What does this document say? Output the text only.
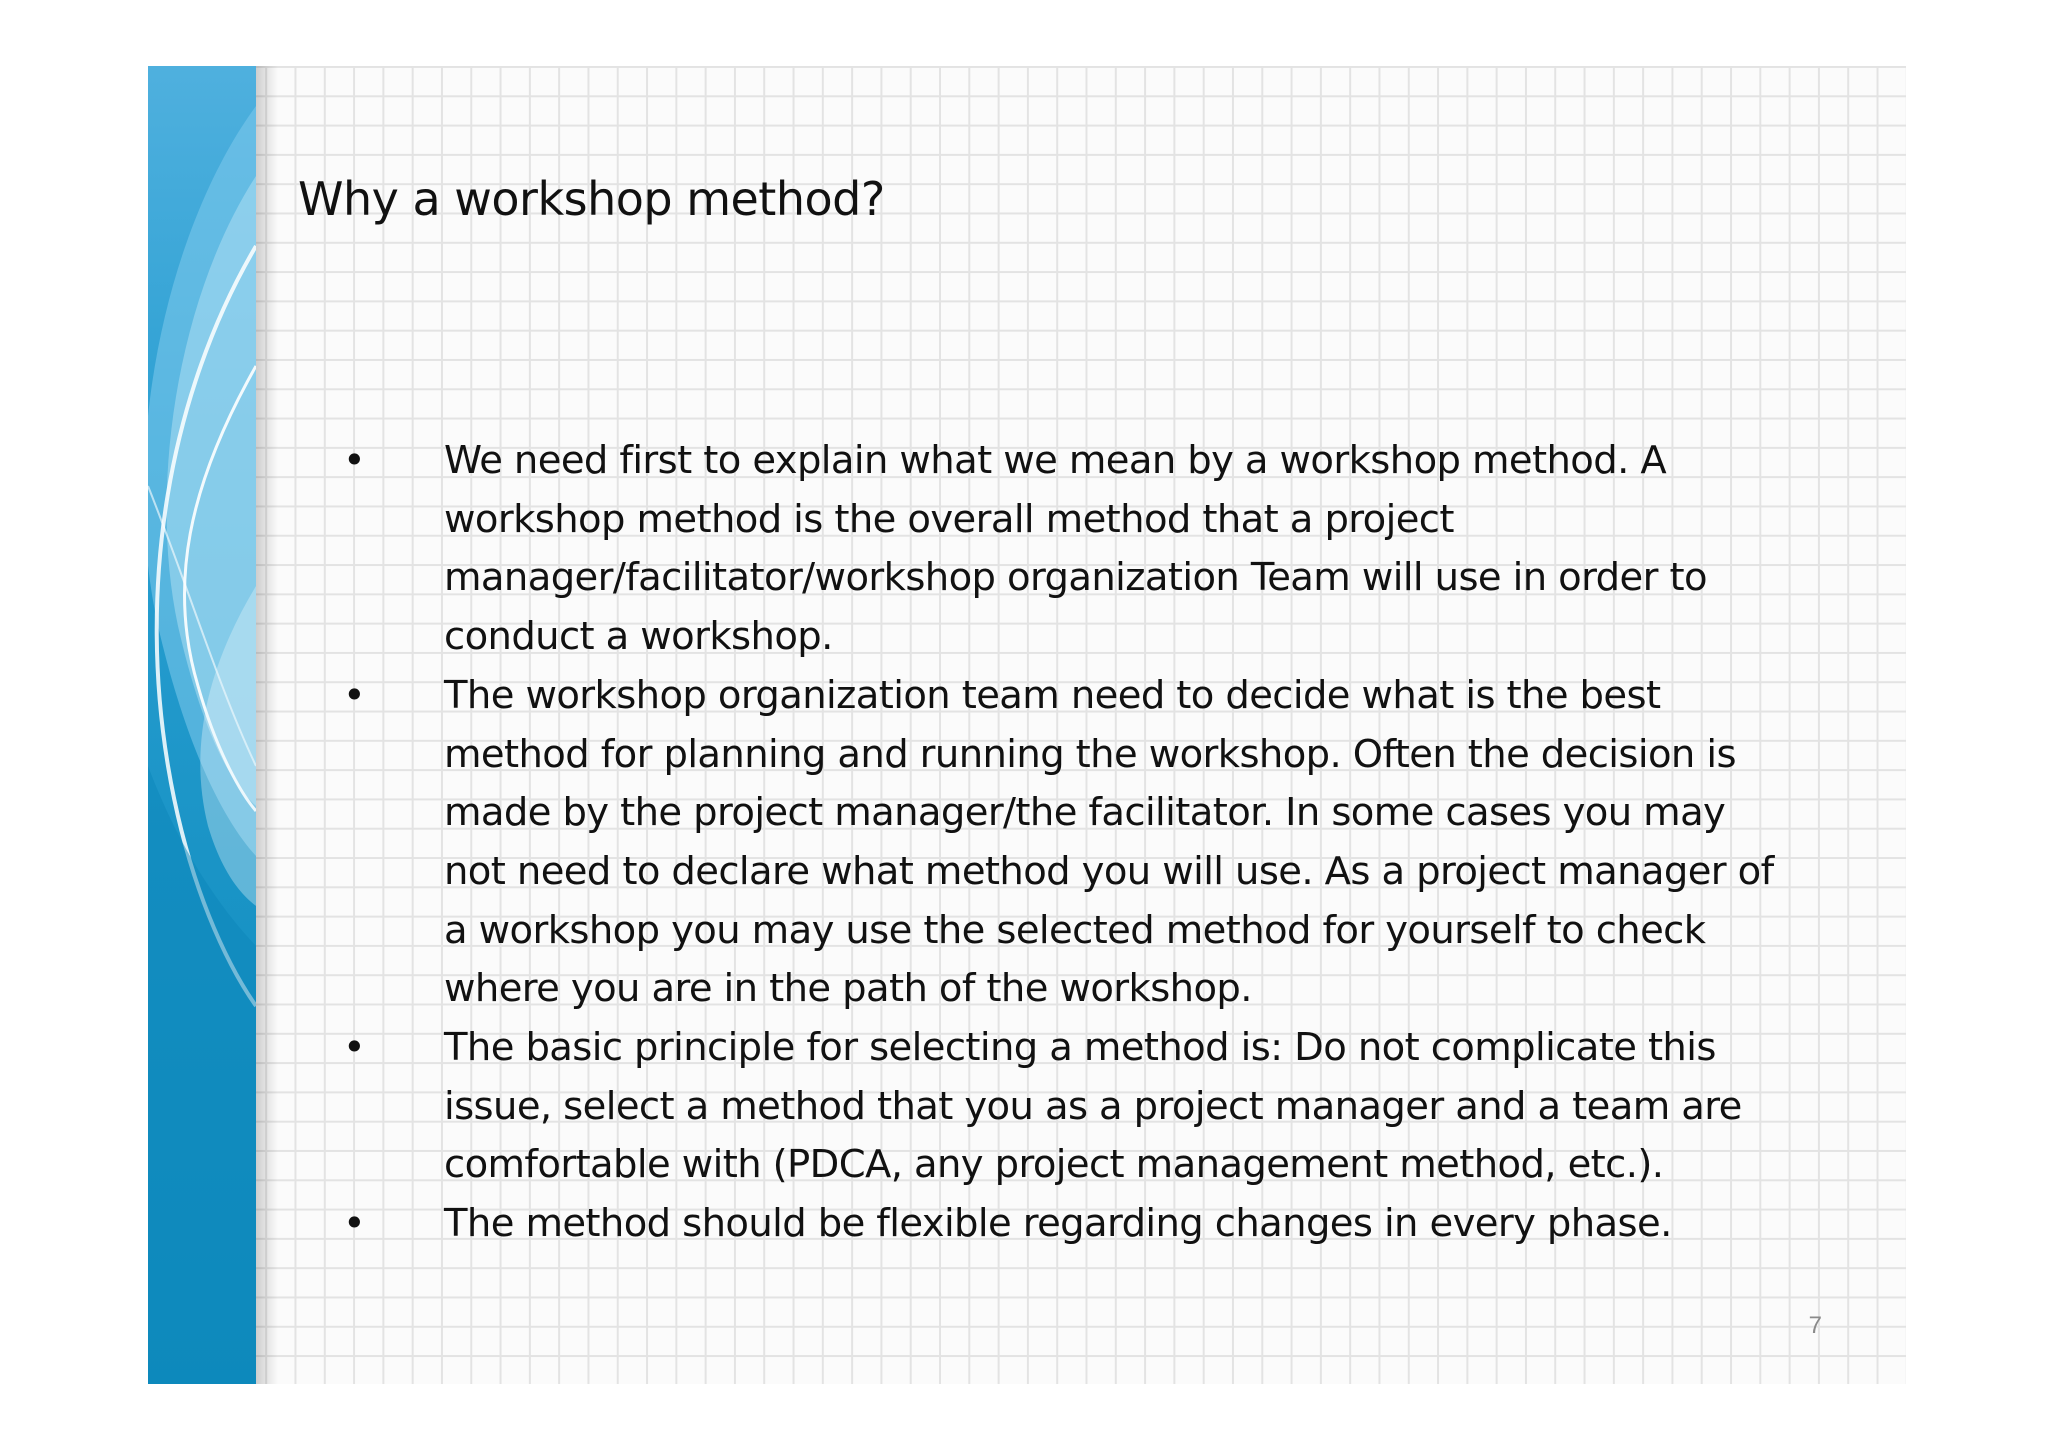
Why a workshop method?
• We need first to explain what we mean by a workshop method. A workshop method is the overall method that a project manager/facilitator/workshop organization Team will use in order to conduct a workshop.
• The workshop organization team need to decide what is the best method for planning and running the workshop. Often the decision is made by the project manager/the facilitator. In some cases you may not need to declare what method you will use. As a project manager of a workshop you may use the selected method for yourself to check where you are in the path of the workshop.
• The basic principle for selecting a method is: Do not complicate this issue, select a method that you as a project manager and a team are comfortable with (PDCA, any project management method, etc.).
• The method should be flexible regarding changes in every phase.
7
